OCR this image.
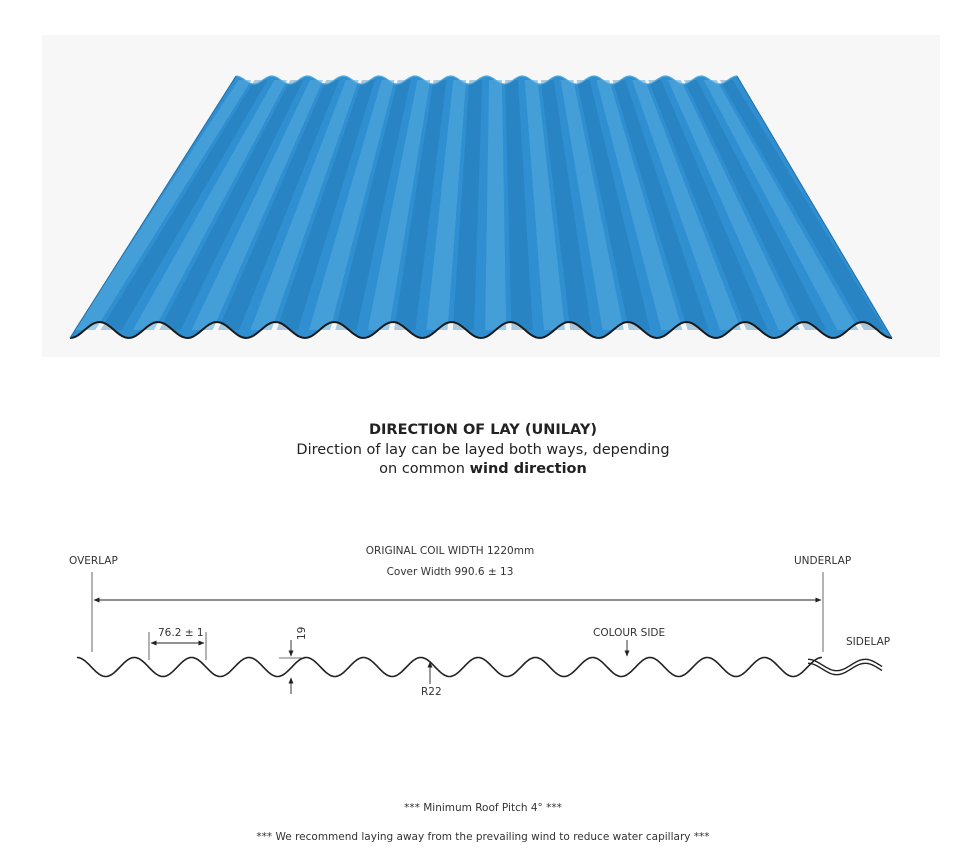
DIRECTION OF LAY (UNILAY)
Direction of lay can be layed both ways, depending
on common wind direction
OVERLAP	UNDERLAP
ORIGINAL COIL WIDTH 1220mm
Cover Width 990.6 ± 13
76.2 ± 1	19	COLOUR SIDE
R22
SIDELAP
*** Minimum Roof Pitch 4° ***
*** We recommend laying away from the prevailing wind to reduce water capillary ***
